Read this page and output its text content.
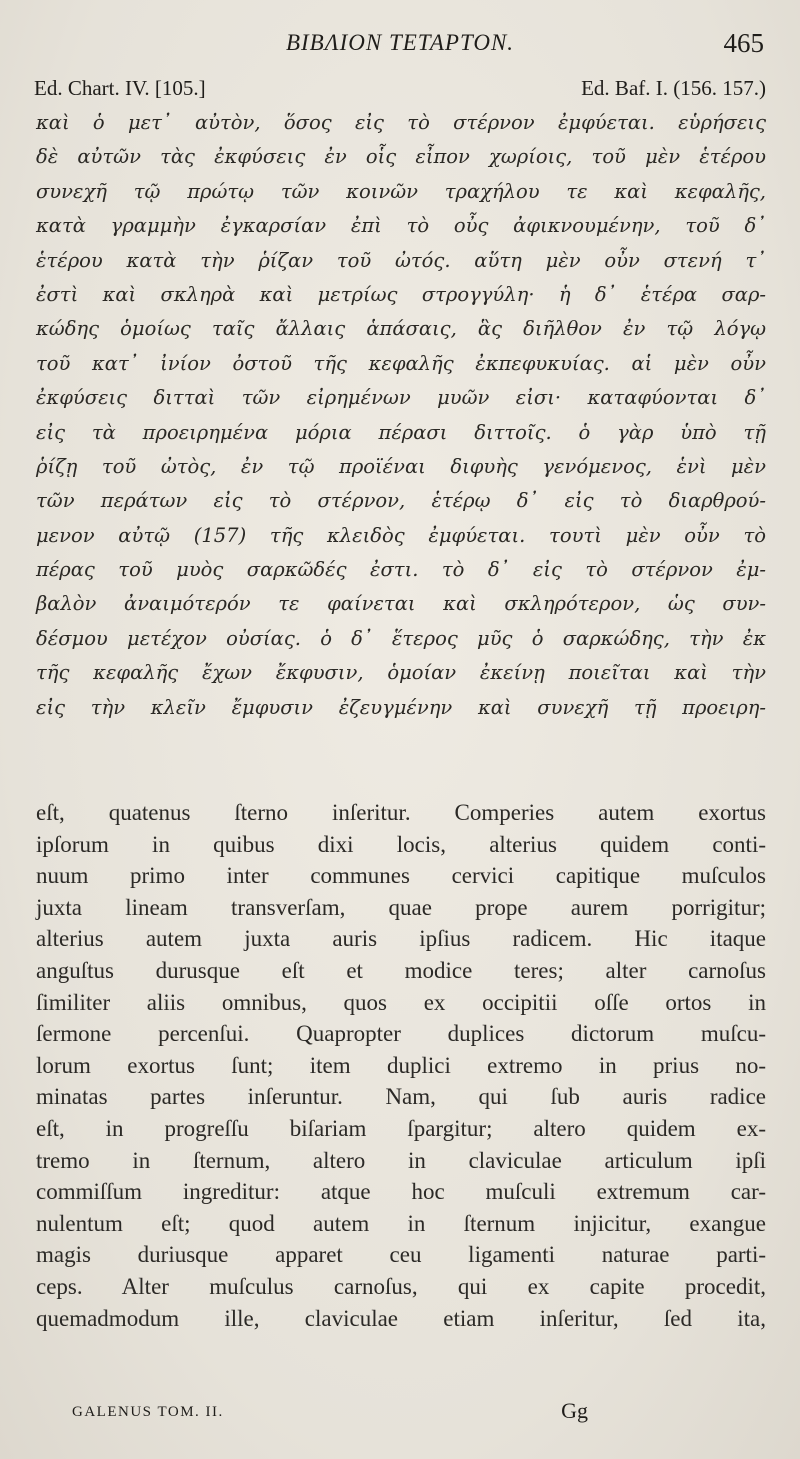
BIBΛION TETAPTON.	465
Ed. Chart. IV. [105.]	Ed. Baf. I. (156. 157.)
καὶ ὁ μετ᾽ αὐτὸν, ὅσος εἰς τὸ στέρνον ἐμφύεται. εὑρήσεις
δὲ αὐτῶν τὰς ἐκφύσεις ἐν οἷς εἶπον χωρίοις, τοῦ μὲν ἑτέρου
συνεχῆ τῷ πρώτῳ τῶν κοινῶν τραχήλου τε καὶ κεφαλῆς,
κατὰ γραμμὴν ἐγκαρσίαν ἐπὶ τὸ οὖς ἀφικνουμένην, τοῦ δ᾽
ἑτέρου κατὰ τὴν ῥίζαν τοῦ ὠτός. αὕτη μὲν οὖν στενή τ᾽
ἐστὶ καὶ σκληρὰ καὶ μετρίως στρογγύλη· ἡ δ᾽ ἑτέρα σαρ-
κώδης ὁμοίως ταῖς ἄλλαις ἁπάσαις, ἃς διῆλθον ἐν τῷ λόγῳ
τοῦ κατ᾽ ἰνίον ὀστοῦ τῆς κεφαλῆς ἐκπεφυκυίας. αἱ μὲν οὖν
ἐκφύσεις διτταὶ τῶν εἰρημένων μυῶν εἰσι· καταφύονται δ᾽
εἰς τὰ προειρημένα μόρια πέρασι διττοῖς. ὁ γὰρ ὑπὸ τῇ
ῥίζῃ τοῦ ὠτὸς, ἐν τῷ προϊέναι διφυὴς γενόμενος, ἑνὶ μὲν
τῶν περάτων εἰς τὸ στέρνον, ἑτέρῳ δ᾽ εἰς τὸ διαρθρού-
μενον αὐτῷ (157) τῆς κλειδὸς ἐμφύεται. τουτὶ μὲν οὖν τὸ
πέρας τοῦ μυὸς σαρκῶδές ἐστι. τὸ δ᾽ εἰς τὸ στέρνον ἐμ-
βαλὸν ἀναιμότερόν τε φαίνεται καὶ σκληρότερον, ὡς συν-
δέσμου μετέχον οὐσίας. ὁ δ᾽ ἕτερος μῦς ὁ σαρκώδης, τὴν ἐκ
τῆς κεφαλῆς ἔχων ἔκφυσιν, ὁμοίαν ἐκείνῃ ποιεῖται καὶ τὴν
εἰς τὴν κλεῖν ἔμφυσιν ἐζευγμένην καὶ συνεχῆ τῇ προειρη-
eſt, quatenus ſterno inſeritur. Comperies autem exortus
ipſorum in quibus dixi locis, alterius quidem conti-
nuum primo inter communes cervici capitique muſculos
juxta lineam transverſam, quae prope aurem porrigitur;
alterius autem juxta auris ipſius radicem. Hic itaque
anguſtus durusque eſt et modice teres; alter carnoſus
ſimiliter aliis omnibus, quos ex occipitii oſſe ortos in
ſermone percenſui. Quapropter duplices dictorum muſcu-
lorum exortus ſunt; item duplici extremo in prius no-
minatas partes inſeruntur. Nam, qui ſub auris radice
eſt, in progreſſu biſariam ſpargitur; altero quidem ex-
tremo in ſternum, altero in claviculae articulum ipſi
commiſſum ingreditur: atque hoc muſculi extremum car-
nulentum eſt; quod autem in ſternum injicitur, exangue
magis duriusque apparet ceu ligamenti naturae parti-
ceps. Alter muſculus carnoſus, qui ex capite procedit,
quemadmodum ille, claviculae etiam inſeritur, ſed ita,
GALENUS TOM. II.	Gg
